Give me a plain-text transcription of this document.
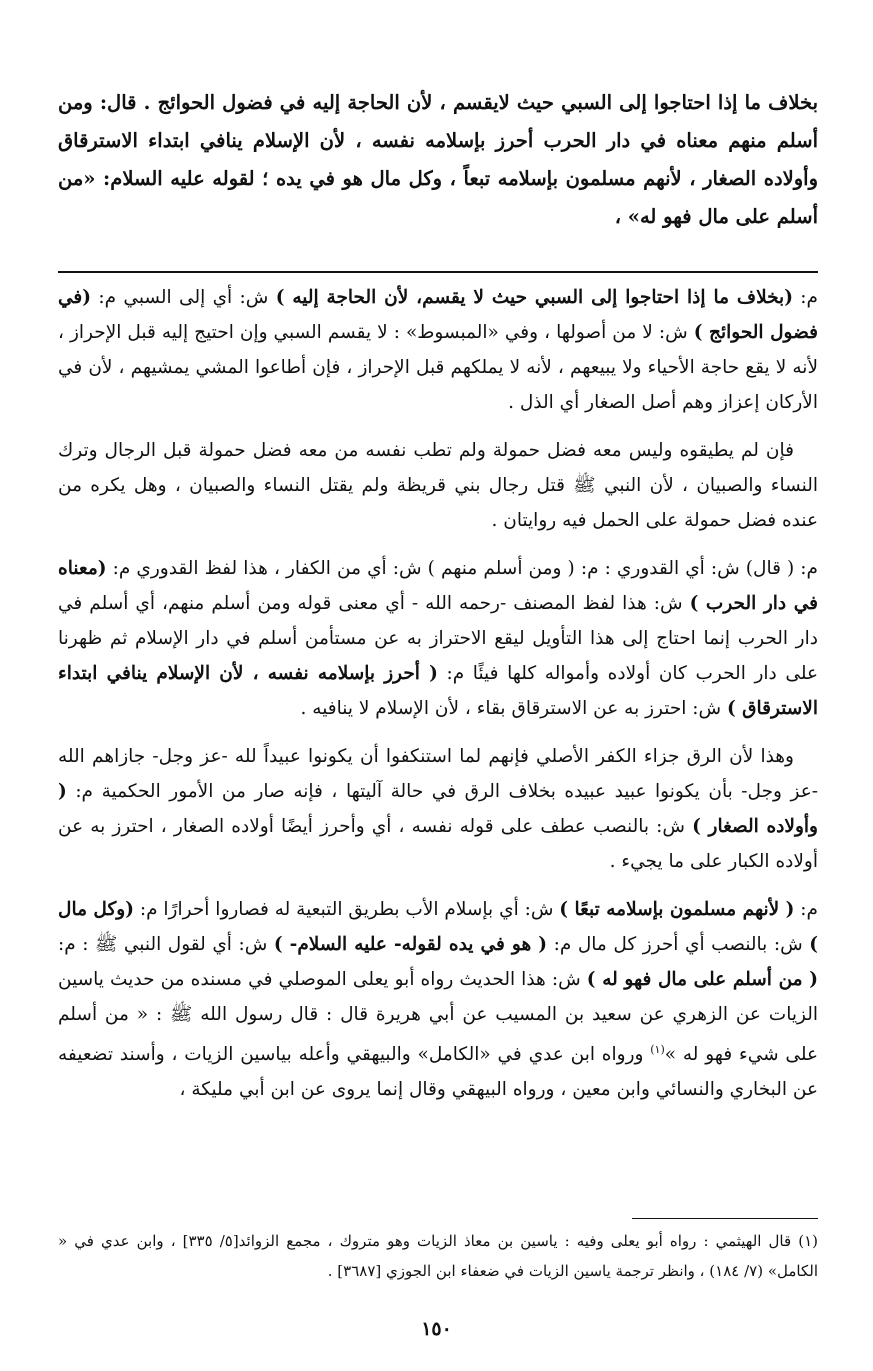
بخلاف ما إذا احتاجوا إلى السبي حيث لايقسم ، لأن الحاجة إليه في فضول الحوائج . قال: ومن أسلم منهم معناه في دار الحرب أحرز بإسلامه نفسه ، لأن الإسلام ينافي ابتداء الاسترقاق وأولاده الصغار ، لأنهم مسلمون بإسلامه تبعاً ، وكل مال هو في يده ؛ لقوله عليه السلام: «من أسلم على مال فهو له» ،

م: (بخلاف ما إذا احتاجوا إلى السبي حيث لا يقسم، لأن الحاجة إليه ) ش: أي إلى السبي م: (في فضول الحوائج ) ش: لا من أصولها ، وفي «المبسوط» : لا يقسم السبي وإن احتيج إليه قبل الإحراز ، لأنه لا يقع حاجة الأحياء ولا يبيعهم ، لأنه لا يملكهم قبل الإحراز ، فإن أطاعوا المشي يمشيهم ، لأن في الأركان إعزاز وهم أصل الصغار أي الذل .

فإن لم يطيقوه وليس معه فضل حمولة ولم تطب نفسه من معه فضل حمولة قبل الرجال وترك النساء والصبيان ، لأن النبي ﷺ قتل رجال بني قريظة ولم يقتل النساء والصبيان ، وهل يكره من عنده فضل حمولة على الحمل فيه روايتان .

م: ( قال) ش: أي القدوري : م: ( ومن أسلم منهم ) ش: أي من الكفار ، هذا لفظ القدوري م: (معناه في دار الحرب ) ش: هذا لفظ المصنف -رحمه الله - أي معنى قوله ومن أسلم منهم، أي أسلم في دار الحرب إنما احتاج إلى هذا التأويل ليقع الاحتراز به عن مستأمن أسلم في دار الإسلام ثم ظهرنا على دار الحرب كان أولاده وأمواله كلها فيئًا م: ( أحرز بإسلامه نفسه ، لأن الإسلام ينافي ابتداء الاسترقاق ) ش: احترز به عن الاسترقاق بقاء ، لأن الإسلام لا ينافيه .

وهذا لأن الرق جزاء الكفر الأصلي فإنهم لما استنكفوا أن يكونوا عبيداً لله -عز وجل- جازاهم الله -عز وجل- بأن يكونوا عبيد عبيده بخلاف الرق في حالة آليتها ، فإنه صار من الأمور الحكمية م: ( وأولاده الصغار ) ش: بالنصب عطف على قوله نفسه ، أي وأحرز أيضًا أولاده الصغار ، احترز به عن أولاده الكبار على ما يجيء .

م: ( لأنهم مسلمون بإسلامه تبعًا ) ش: أي بإسلام الأب بطريق التبعية له فصاروا أحرارًا م: (وكل مال ) ش: بالنصب أي أحرز كل مال م: ( هو في يده لقوله- عليه السلام- ) ش: أي لقول النبي ﷺ : م: ( من أسلم على مال فهو له ) ش: هذا الحديث رواه أبو يعلى الموصلي في مسنده من حديث ياسين الزيات عن الزهري عن سعيد بن المسيب عن أبي هريرة قال : قال رسول الله ﷺ : « من أسلم على شيء فهو له »$^{(١)}$ ورواه ابن عدي في «الكامل» والبيهقي وأعله بياسين الزيات ، وأسند تضعيفه عن البخاري والنسائي وابن معين ، ورواه البيهقي وقال إنما يروى عن ابن أبي مليكة ،

(١) قال الهيثمي : رواه أبو يعلى وفيه : ياسين بن معاذ الزيات وهو متروك ، مجمع الزوائد[٥/ ٣٣٥] ، وابن عدي في « الكامل» (٧/ ١٨٤) ، وانظر ترجمة ياسين الزيات في ضعفاء ابن الجوزي [٣٦٨٧] .
١٥٠
